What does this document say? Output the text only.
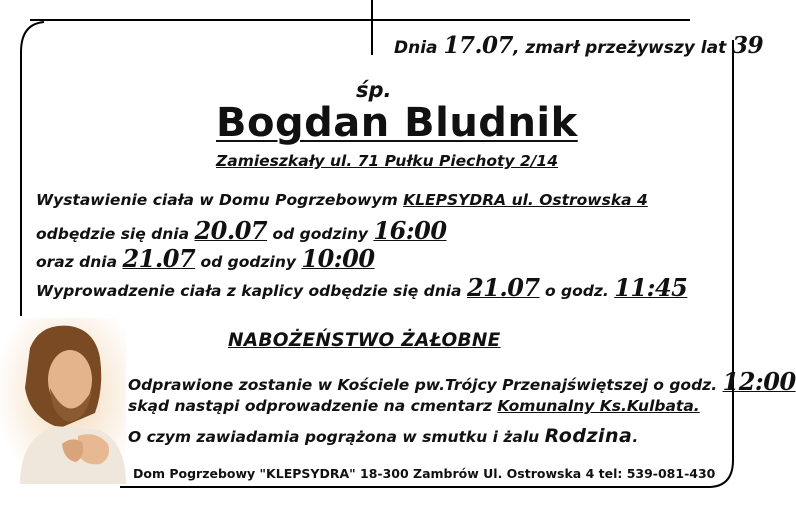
Dnia 17.07, zmarł przeżywszy lat 39
śp.
Bogdan Bludnik
Zamieszkały ul. 71 Pułku Piechoty 2/14
Wystawienie ciała w Domu Pogrzebowym KLEPSYDRA ul. Ostrowska 4
odbędzie się dnia 20.07 od godziny 16:00
oraz dnia 21.07 od godziny 10:00
Wyprowadzenie ciała z kaplicy odbędzie się dnia 21.07 o godz. 11:45
NABOŻEŃSTWO ŻAŁOBNE
Odprawione zostanie w Kościele pw.Trójcy Przenajświętszej o godz. 12:00
skąd nastąpi odprowadzenie na cmentarz Komunalny Ks.Kulbata.
O czym zawiadamia pogrążona w smutku i żalu Rodzina.
Dom Pogrzebowy "KLEPSYDRA" 18-300 Zambrów Ul. Ostrowska 4 tel: 539-081-430
